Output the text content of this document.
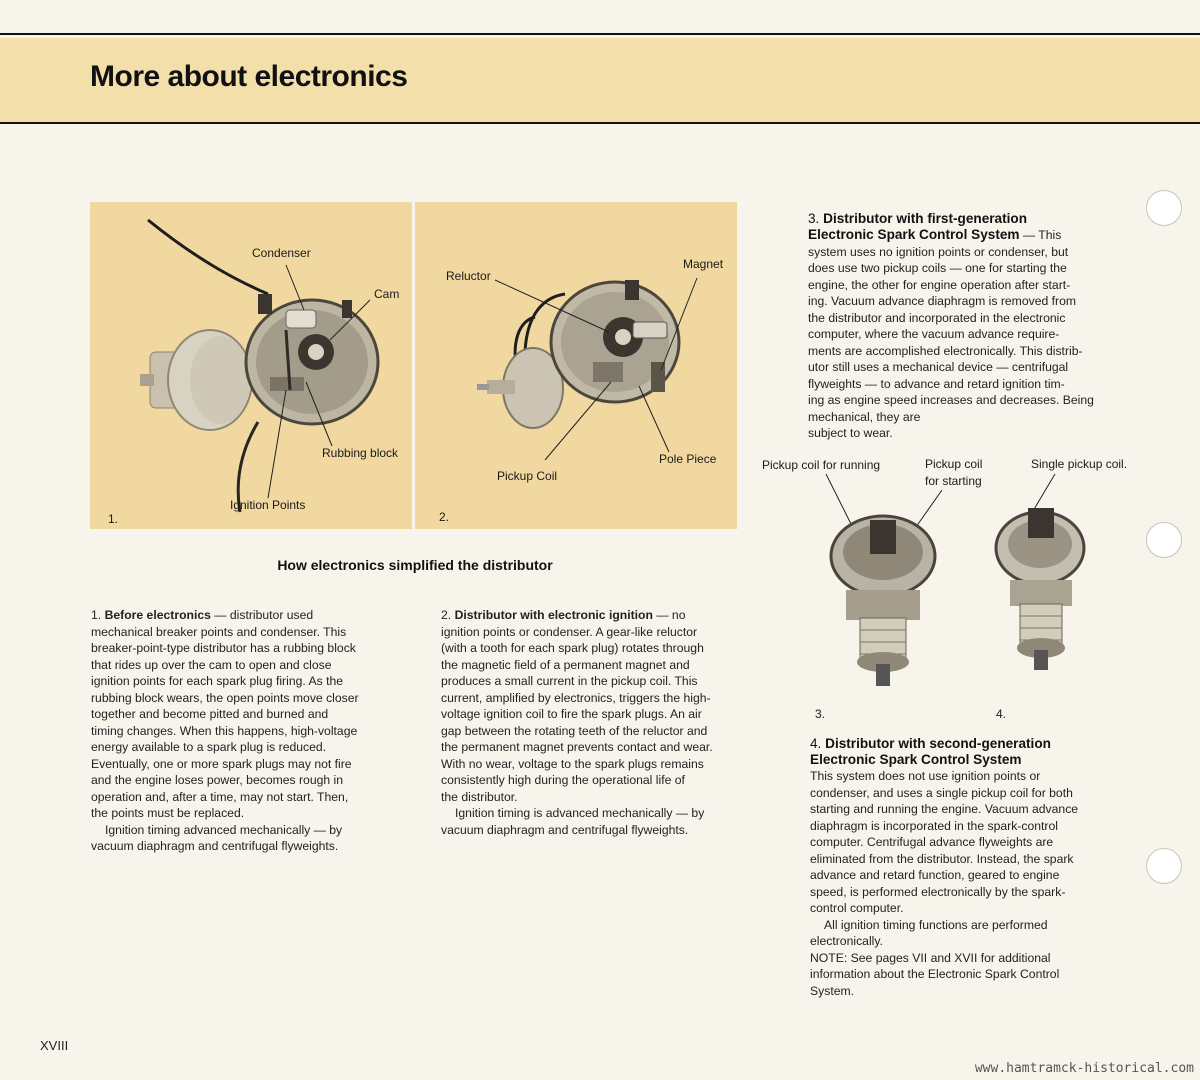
More about electronics
Condenser
Cam
Rubbing block
Ignition Points
1.
Reluctor
Magnet
Pole Piece
Pickup Coil
2.
How electronics simplified the distributor

1. Before electronics — distributor used

mechanical breaker points and condenser. This

breaker-point-type distributor has a rubbing block

that rides up over the cam to open and close

ignition points for each spark plug firing. As the

rubbing block wears, the open points move closer

together and become pitted and burned and

timing changes. When this happens, high-voltage

energy available to a spark plug is reduced.

Eventually, one or more spark plugs may not fire

and the engine loses power, becomes rough in

operation and, after a time, may not start. Then,

the points must be replaced.

Ignition timing advanced mechanically — by

vacuum diaphragm and centrifugal flyweights.

2. Distributor with electronic ignition — no

ignition points or condenser. A gear-like reluctor

(with a tooth for each spark plug) rotates through

the magnetic field of a permanent magnet and

produces a small current in the pickup coil. This

current, amplified by electronics, triggers the high-

voltage ignition coil to fire the spark plugs. An air

gap between the rotating teeth of the reluctor and

the permanent magnet prevents contact and wear.

With no wear, voltage to the spark plugs remains

consistently high during the operational life of

the distributor.

Ignition timing is advanced mechanically — by

vacuum diaphragm and centrifugal flyweights.

3. Distributor with first-generation

Electronic Spark Control System — This

system uses no ignition points or condenser, but

does use two pickup coils — one for starting the

engine, the other for engine operation after start-

ing. Vacuum advance diaphragm is removed from

the distributor and incorporated in the electronic

computer, where the vacuum advance require-

ments are accomplished electronically. This distrib-

utor still uses a mechanical device — centrifugal

flyweights — to advance and retard ignition tim-

ing as engine speed increases and decreases. Being

mechanical, they are

subject to wear.

Pickup coil for running	Pickup coil
for starting
Single pickup coil.
3.	4.

4. Distributor with second-generation

Electronic Spark Control System

This system does not use ignition points or

condenser, and uses a single pickup coil for both

starting and running the engine. Vacuum advance

diaphragm is incorporated in the spark-control

computer. Centrifugal advance flyweights are

eliminated from the distributor. Instead, the spark

advance and retard function, geared to engine

speed, is performed electronically by the spark-

control computer.

All ignition timing functions are performed

electronically.

NOTE: See pages VII and XVII for additional

information about the Electronic Spark Control

System.

XVIII
www.hamtramck-historical.com
